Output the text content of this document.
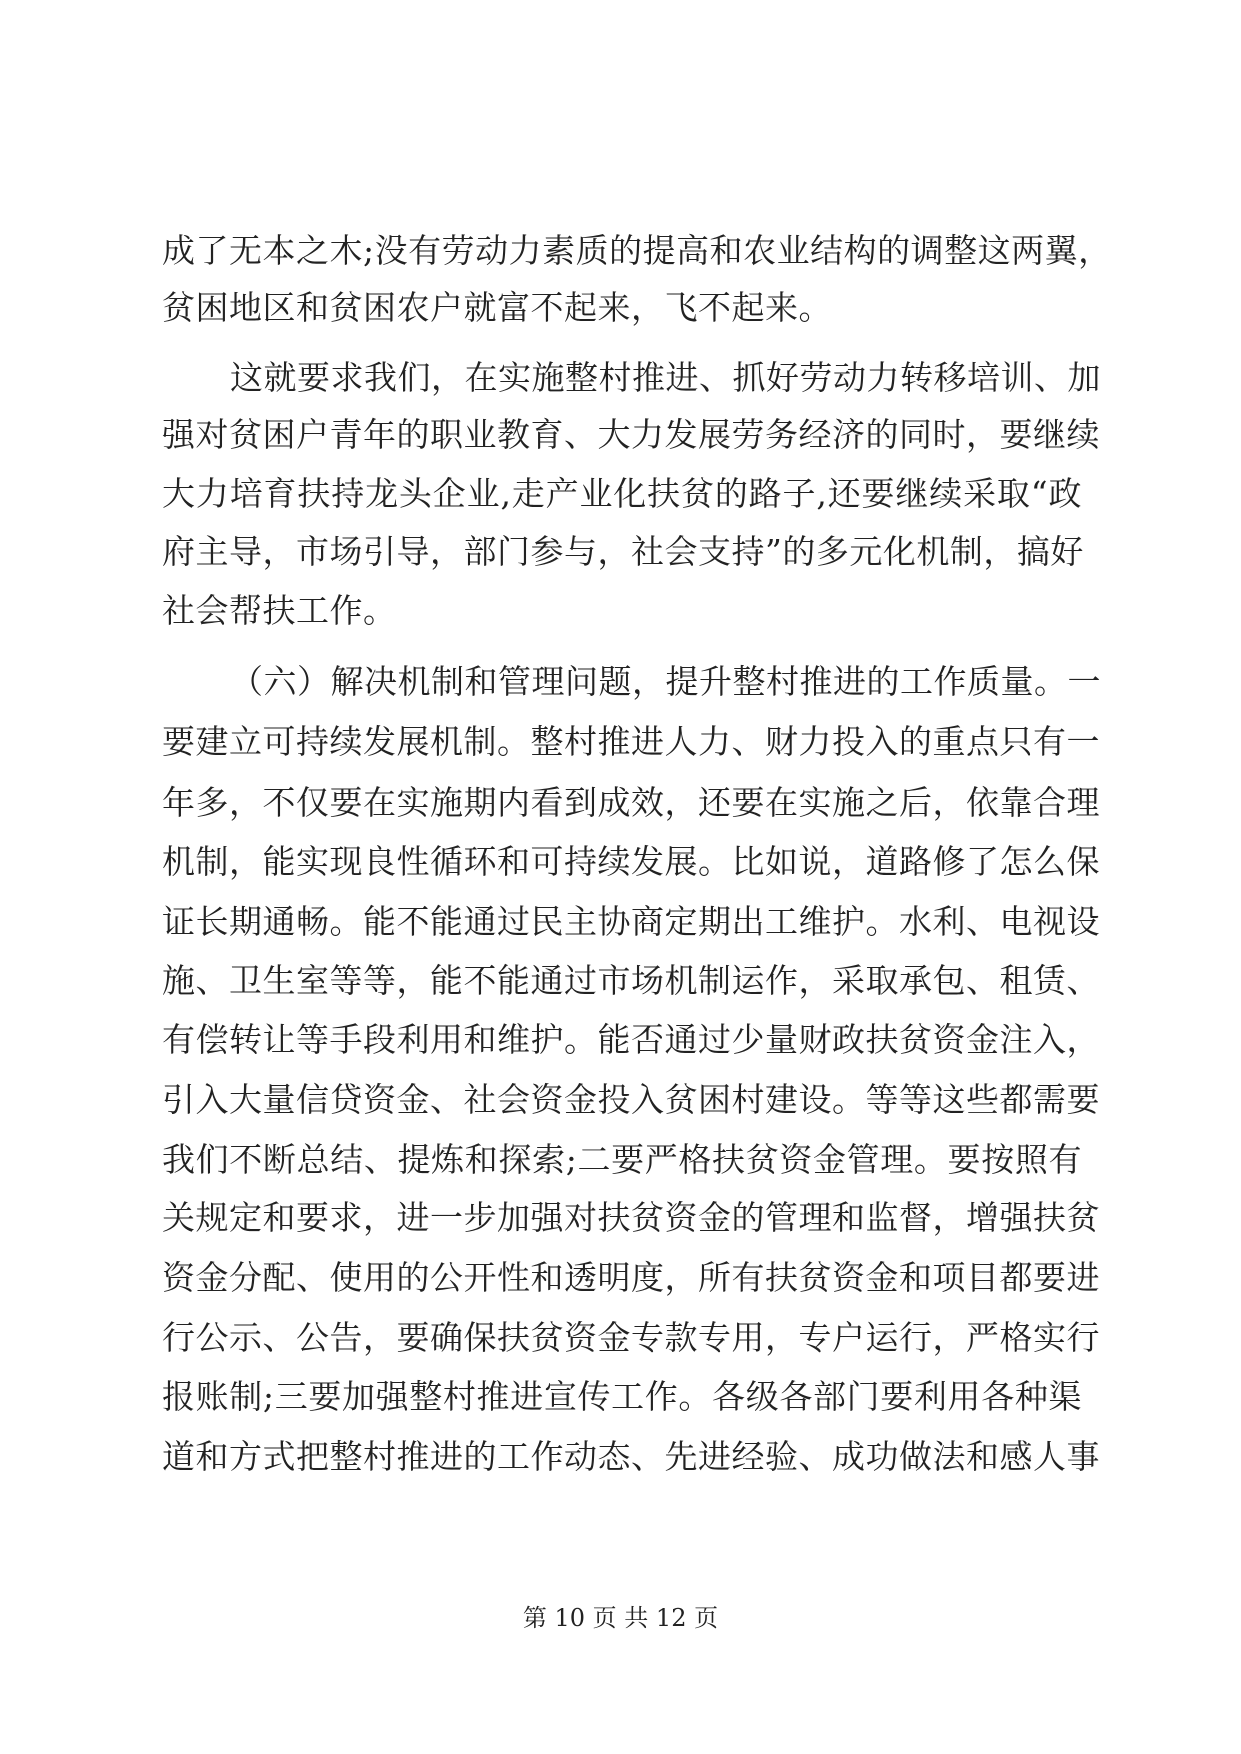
成了无本之木;没有劳动力素质的提高和农业结构的调整这两翼，
贫困地区和贫困农户就富不起来，飞不起来。
这就要求我们，在实施整村推进、抓好劳动力转移培训、加
强对贫困户青年的职业教育、大力发展劳务经济的同时，要继续
大力培育扶持龙头企业,走产业化扶贫的路子,还要继续采取“政
府主导，市场引导，部门参与，社会支持”的多元化机制，搞好
社会帮扶工作。
（六）解决机制和管理问题，提升整村推进的工作质量。一
要建立可持续发展机制。整村推进人力、财力投入的重点只有一
年多，不仅要在实施期内看到成效，还要在实施之后，依靠合理
机制，能实现良性循环和可持续发展。比如说，道路修了怎么保
证长期通畅。能不能通过民主协商定期出工维护。水利、电视设
施、卫生室等等，能不能通过市场机制运作，采取承包、租赁、
有偿转让等手段利用和维护。能否通过少量财政扶贫资金注入，
引入大量信贷资金、社会资金投入贫困村建设。等等这些都需要
我们不断总结、提炼和探索;二要严格扶贫资金管理。要按照有
关规定和要求，进一步加强对扶贫资金的管理和监督，增强扶贫
资金分配、使用的公开性和透明度，所有扶贫资金和项目都要进
行公示、公告，要确保扶贫资金专款专用，专户运行，严格实行
报账制;三要加强整村推进宣传工作。各级各部门要利用各种渠
道和方式把整村推进的工作动态、先进经验、成功做法和感人事
第 10 页 共 12 页
